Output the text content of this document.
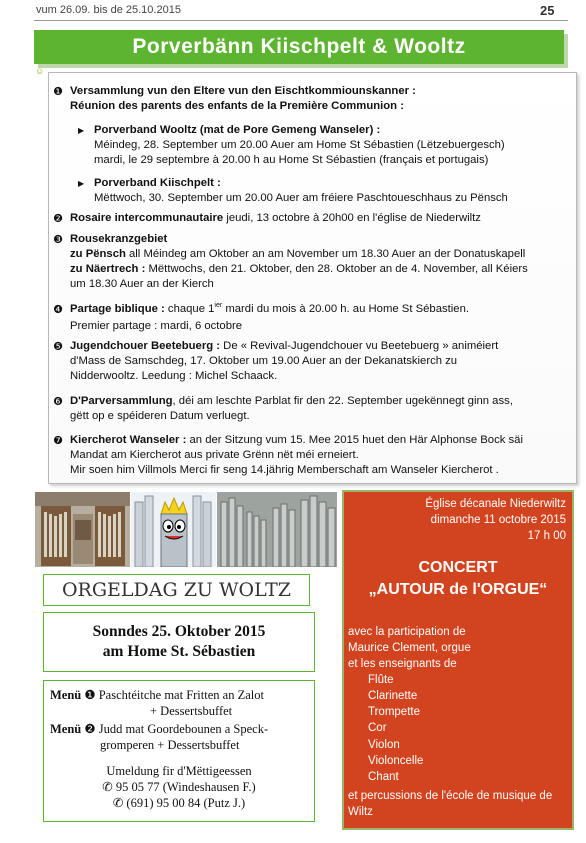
vum 26.09. bis de 25.10.2015	25
Porverbänn Kiischpelt & Wooltz
☺
❶ Versammlung vun den Eltere vun den Eischtkommiounskanner :
Réunion des parents des enfants de la Première Communion :
▶ Porverband Wooltz (mat de Pore Gemeng Wanseler) :
Méindeg, 28. September um 20.00 Auer am Home St Sébastien (Lëtzebuergesch)
mardi, le 29 septembre à 20.00 h au Home St Sébastien (français et portugais)
▶ Porverband Kiischpelt :
Mëttwoch, 30. September um 20.00 Auer am fréiere Paschtoueschhaus zu Pënsch
❷ Rosaire intercommunautaire jeudi, 13 octobre à 20h00 en l'église de Niederwiltz
❸ Rousekranzgebiet
zu Pënsch all Méindeg am Oktober an am November um 18.30 Auer an der Donatuskapell
zu Näertrech : Mëttwochs, den 21. Oktober, den 28. Oktober an de 4. November, all Kéiers
um 18.30 Auer an der Kierch
❹ Partage biblique : chaque $1^{ier}$ mardi du mois à 20.00 h. au Home St Sébastien.
Premier partage : mardi, 6 octobre
❺ Jugendchouer Beetebuerg : De « Revival-Jugendchouer vu Beetebuerg » animéiert
d'Mass de Samschdeg, 17. Oktober um 19.00 Auer an der Dekanatskierch zu
Nidderwooltz. Leedung : Michel Schaack.
❻ D'Parversammlung, déi am leschte Parblat fir den 22. September ugekënnegt ginn ass,
gëtt op e spéideren Datum verluegt.
❼ Kiercherot Wanseler : an der Sitzung vum 15. Mee 2015 huet den Här Alphonse Bock säi
Mandat am Kiercherot aus private Grënn nët méi erneiert.
Mir soen him Villmols Merci fir seng 14.jährig Memberschaft am Wanseler Kiercherot .
ORGELDAG ZU WOLTZ
Sonndes 25. Oktober 2015
am Home St. Sébastien
Menü ❶ Paschtéitche mat Fritten an Zalot
+ Dessertsbuffet
Menü ❷ Judd mat Goordebounen a Speck-
gromperen + Dessertsbuffet
Umeldung fir d'Mëttigeessen
✆ 95 05 77 (Windeshausen F.)
✆ (691) 95 00 84 (Putz J.)
Église décanale Niederwiltz
dimanche 11 octobre 2015
17 h 00
CONCERT
„AUTOUR de l'ORGUE“
avec la participation de
Maurice Clement, orgue
et les enseignants de
Flûte
Clarinette
Trompette
Cor
Violon
Violoncelle
Chant
et percussions de l'école de musique de
Wiltz
